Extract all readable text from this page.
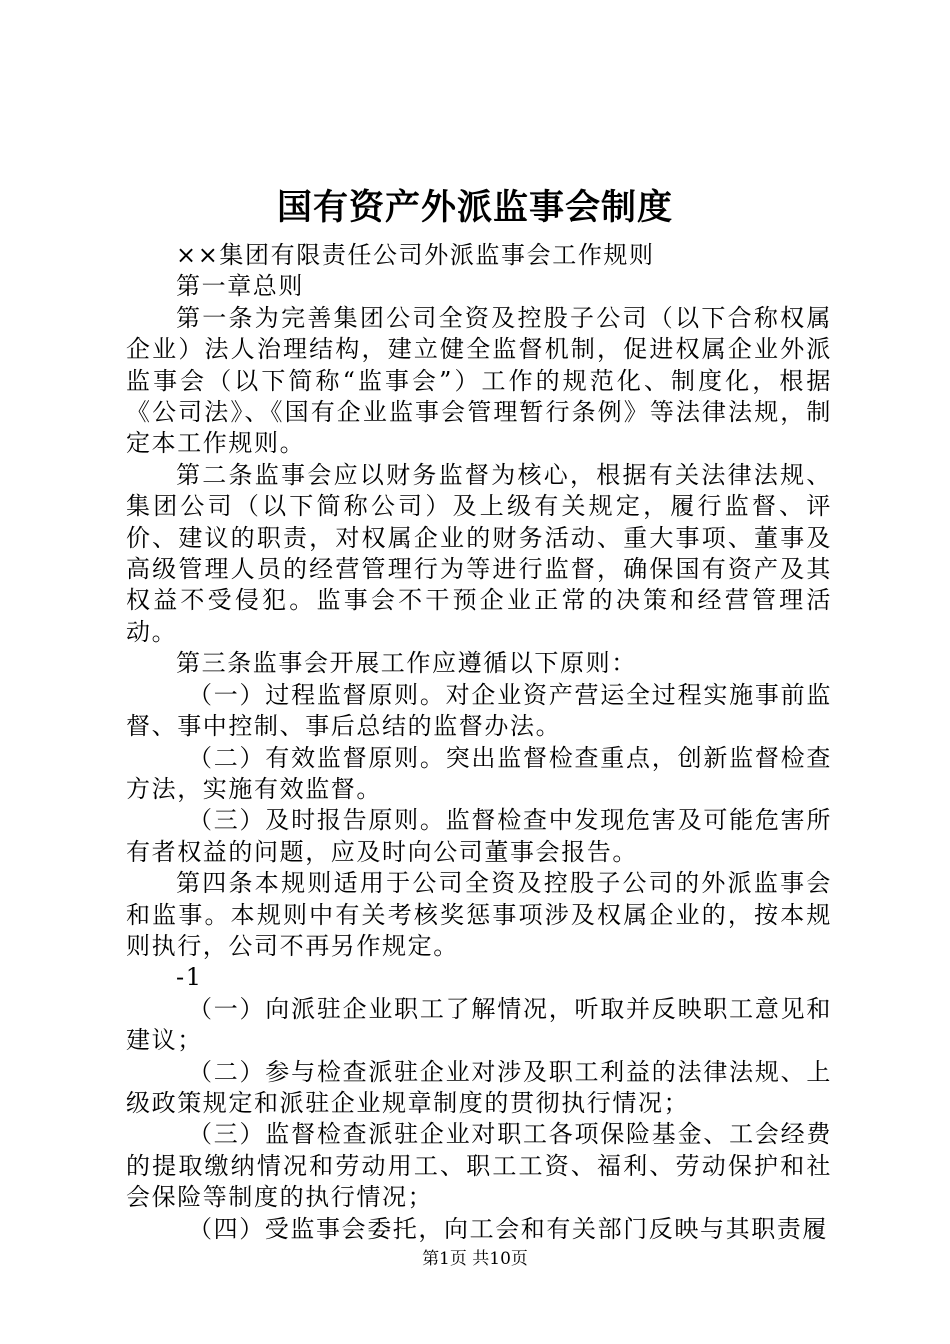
国有资产外派监事会制度

××集团有限责任公司外派监事会工作规则

第一章总则

第一条为完善集团公司全资及控股子公司（以下合称权属企业）法人治理结构，建立健全监督机制，促进权属企业外派监事会（以下简称“监事会”）工作的规范化、制度化，根据《公司法》、《国有企业监事会管理暂行条例》等法律法规，制定本工作规则。

第二条监事会应以财务监督为核心，根据有关法律法规、集团公司（以下简称公司）及上级有关规定，履行监督、评价、建议的职责，对权属企业的财务活动、重大事项、董事及高级管理人员的经营管理行为等进行监督，确保国有资产及其权益不受侵犯。监事会不干预企业正常的决策和经营管理活动。

第三条监事会开展工作应遵循以下原则：

（一）过程监督原则。对企业资产营运全过程实施事前监督、事中控制、事后总结的监督办法。

（二）有效监督原则。突出监督检查重点，创新监督检查方法，实施有效监督。

（三）及时报告原则。监督检查中发现危害及可能危害所有者权益的问题，应及时向公司董事会报告。

第四条本规则适用于公司全资及控股子公司的外派监事会和监事。本规则中有关考核奖惩事项涉及权属企业的，按本规则执行，公司不再另作规定。

-1

（一）向派驻企业职工了解情况，听取并反映职工意见和建议；

（二）参与检查派驻企业对涉及职工利益的法律法规、上级政策规定和派驻企业规章制度的贯彻执行情况；

（三）监督检查派驻企业对职工各项保险基金、工会经费的提取缴纳情况和劳动用工、职工工资、福利、劳动保护和社会保险等制度的执行情况；

（四）受监事会委托，向工会和有关部门反映与其职责履

第1页 共10页
